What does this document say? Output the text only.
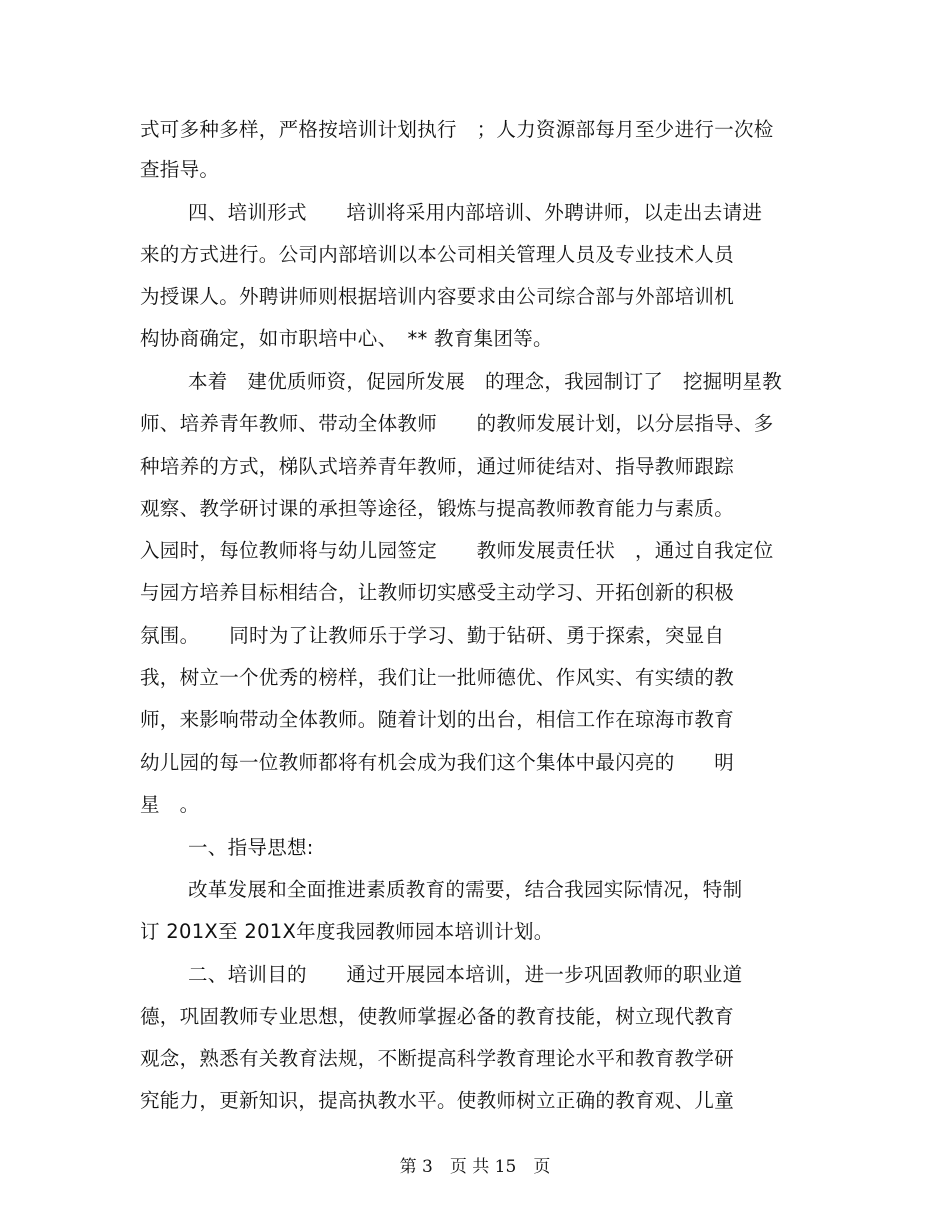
式可多种多样，严格按培训计划执行　；人力资源部每月至少进行一次检
查指导。
四、培训形式　　培训将采用内部培训、外聘讲师，以走出去请进
来的方式进行。公司内部培训以本公司相关管理人员及专业技术人员
为授课人。外聘讲师则根据培训内容要求由公司综合部与外部培训机
构协商确定，如市职培中心、　** 教育集团等。
本着　建优质师资，促园所发展　的理念，我园制订了　挖掘明星教
师、培养青年教师、带动全体教师　　的教师发展计划，以分层指导、多
种培养的方式，梯队式培养青年教师，通过师徒结对、指导教师跟踪
观察、教学研讨课的承担等途径，锻炼与提高教师教育能力与素质。
入园时，每位教师将与幼儿园签定　　教师发展责任状　，通过自我定位
与园方培养目标相结合，让教师切实感受主动学习、开拓创新的积极
氛围。　　同时为了让教师乐于学习、勤于钻研、勇于探索，突显自
我，树立一个优秀的榜样，我们让一批师德优、作风实、有实绩的教
师，来影响带动全体教师。随着计划的出台，相信工作在琼海市教育
幼儿园的每一位教师都将有机会成为我们这个集体中最闪亮的　　明
星　。
一、指导思想:
改革发展和全面推进素质教育的需要，结合我园实际情况，特制
订 201X至 201X年度我园教师园本培训计划。
二、培训目的　　通过开展园本培训，进一步巩固教师的职业道
德，巩固教师专业思想，使教师掌握必备的教育技能，树立现代教育
观念，熟悉有关教育法规，不断提高科学教育理论水平和教育教学研
究能力，更新知识，提高执教水平。使教师树立正确的教育观、儿童
第 3　页 共 15　页
